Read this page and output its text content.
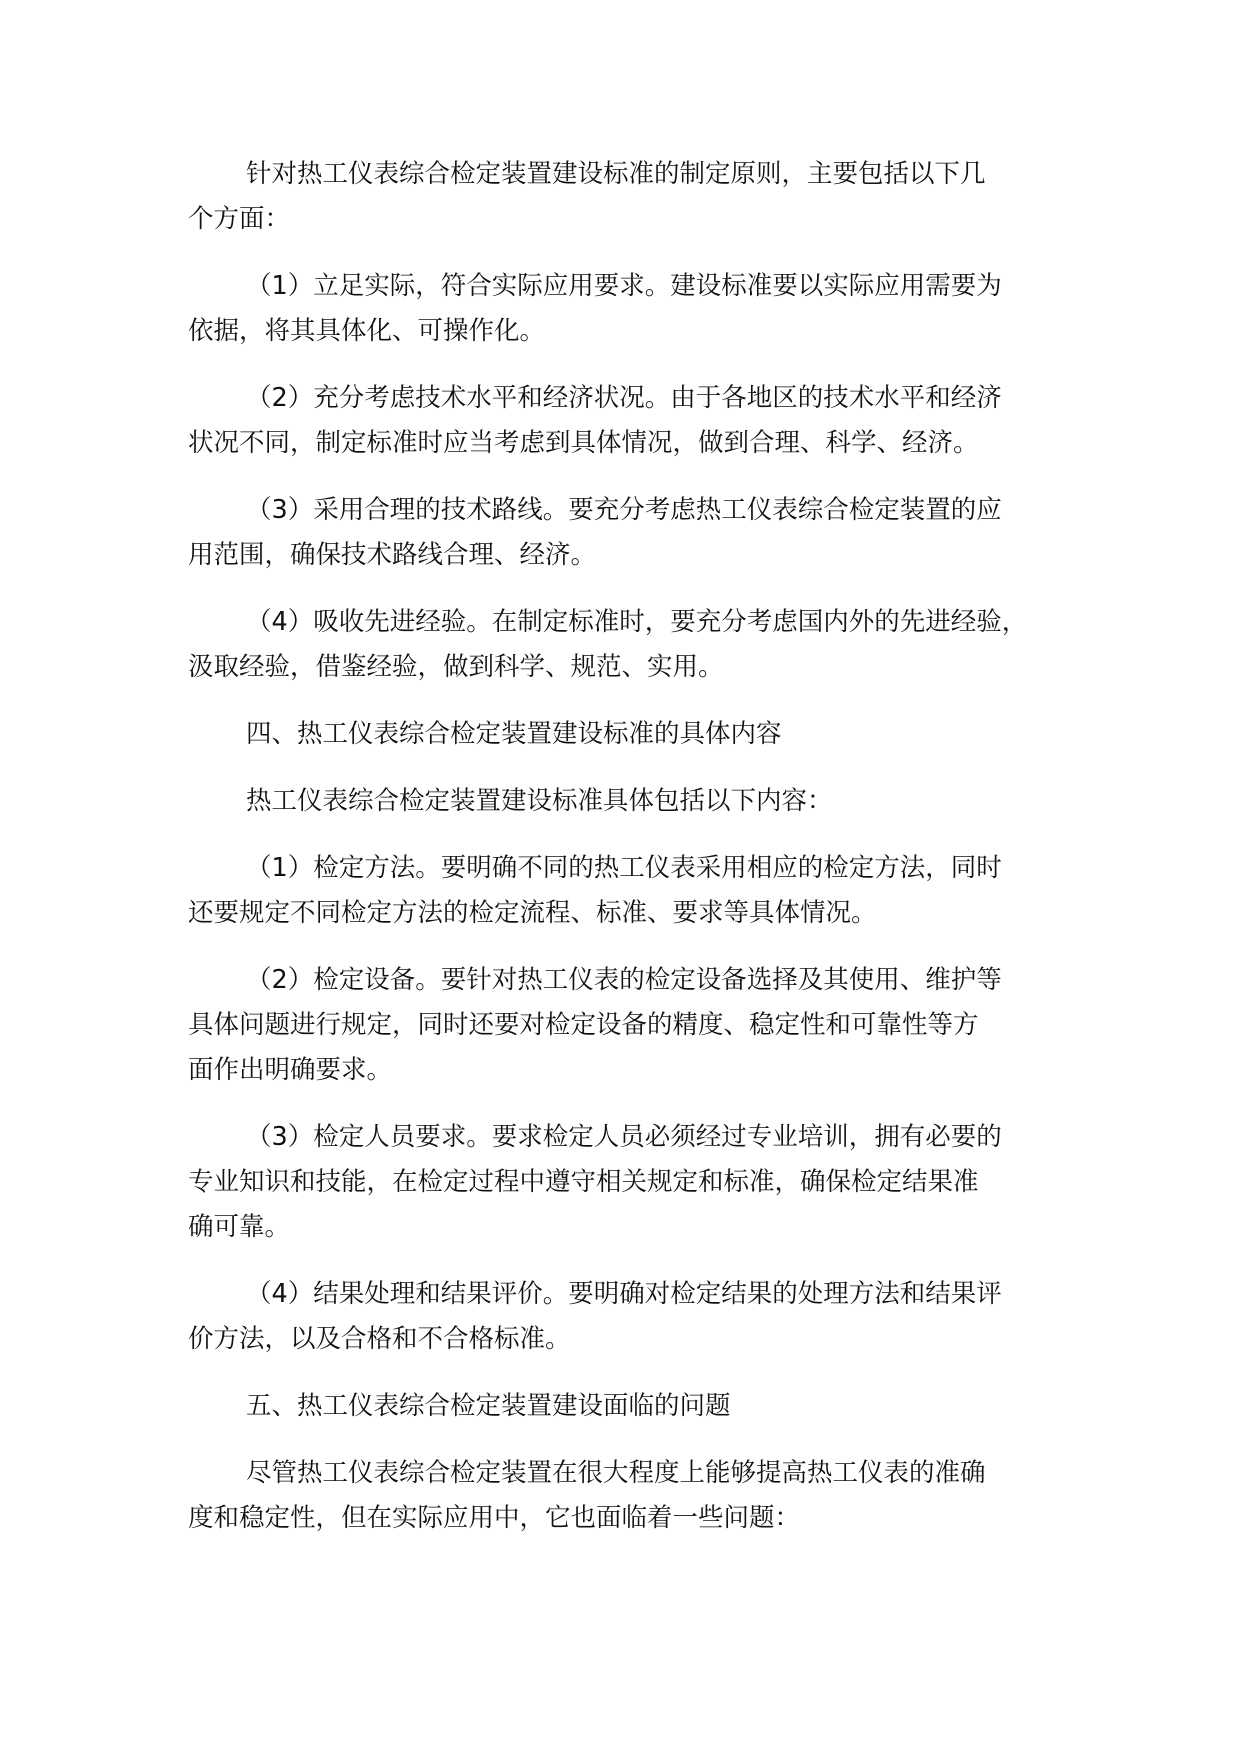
针对热工仪表综合检定装置建设标准的制定原则，主要包括以下几
个方面：

（1）立足实际，符合实际应用要求。建设标准要以实际应用需要为
依据，将其具体化、可操作化。

（2）充分考虑技术水平和经济状况。由于各地区的技术水平和经济
状况不同，制定标准时应当考虑到具体情况，做到合理、科学、经济。

（3）采用合理的技术路线。要充分考虑热工仪表综合检定装置的应
用范围，确保技术路线合理、经济。

（4）吸收先进经验。在制定标准时，要充分考虑国内外的先进经验，
汲取经验，借鉴经验，做到科学、规范、实用。

四、热工仪表综合检定装置建设标准的具体内容

热工仪表综合检定装置建设标准具体包括以下内容：

（1）检定方法。要明确不同的热工仪表采用相应的检定方法，同时
还要规定不同检定方法的检定流程、标准、要求等具体情况。

（2）检定设备。要针对热工仪表的检定设备选择及其使用、维护等
具体问题进行规定，同时还要对检定设备的精度、稳定性和可靠性等方
面作出明确要求。

（3）检定人员要求。要求检定人员必须经过专业培训，拥有必要的
专业知识和技能，在检定过程中遵守相关规定和标准，确保检定结果准
确可靠。

（4）结果处理和结果评价。要明确对检定结果的处理方法和结果评
价方法，以及合格和不合格标准。

五、热工仪表综合检定装置建设面临的问题

尽管热工仪表综合检定装置在很大程度上能够提高热工仪表的准确
度和稳定性，但在实际应用中，它也面临着一些问题：
